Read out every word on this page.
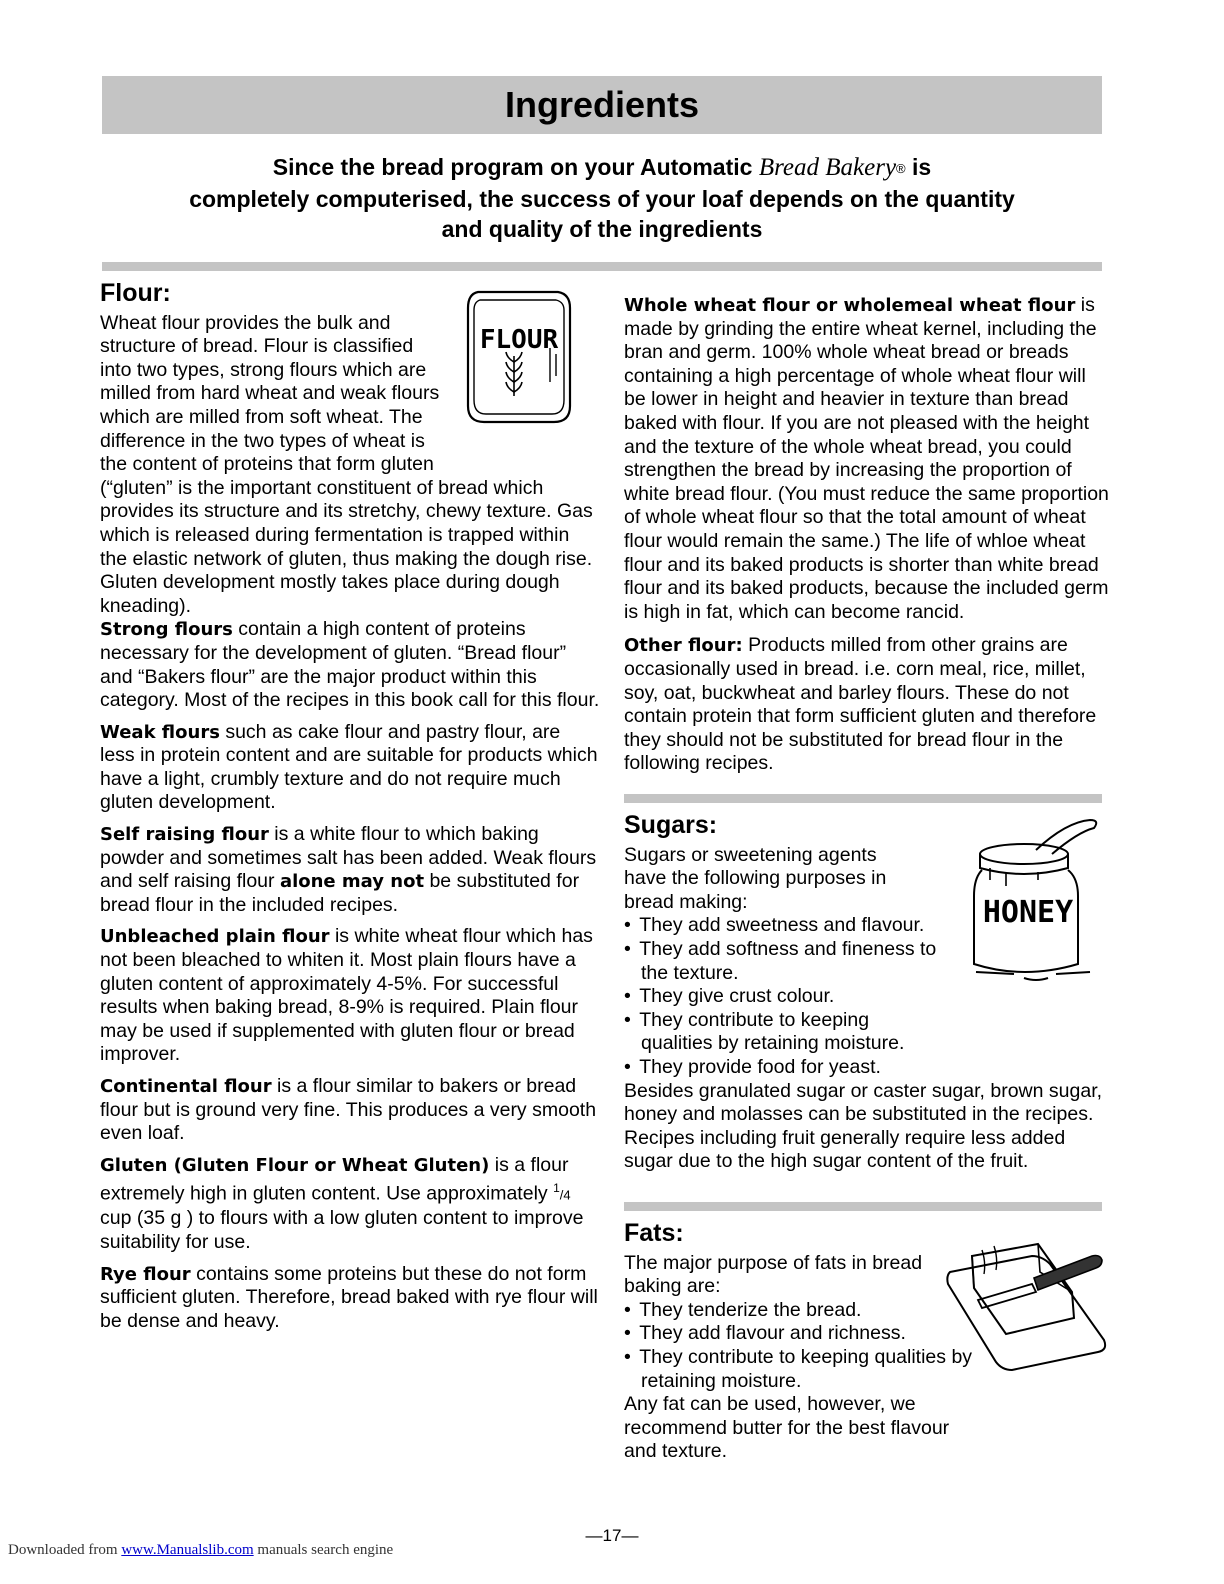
Ingredients
Since the bread program on your Automatic Bread Bakery® is
completely computerised, the success of your loaf depends on the quantity
and quality of the ingredients
FLOUR
Flour:

Wheat flour provides the bulk and structure of bread. Flour is classified into two types, strong flours which are milled from hard wheat and weak flours which are milled from soft wheat. The difference in the two types of wheat is the content of proteins that form gluten (“gluten” is the important constituent of bread which provides its structure and its stretchy, chewy texture. Gas which is released during fermentation is trapped within the elastic network of gluten, thus making the dough rise. Gluten development mostly takes place during dough kneading).

Strong flours contain a high content of proteins necessary for the development of gluten. “Bread flour” and “Bakers flour” are the major product within this category. Most of the recipes in this book call for this flour.

Weak flours such as cake flour and pastry flour, are less in protein content and are suitable for products which have a light, crumbly texture and do not require much gluten development.

Self raising flour is a white flour to which baking powder and sometimes salt has been added. Weak flours and self raising flour alone may not be substituted for bread flour in the included recipes.

Unbleached plain flour is white wheat flour which has not been bleached to whiten it. Most plain flours have a gluten content of approximately 4-5%. For successful results when baking bread, 8-9% is required. Plain flour may be used if supplemented with gluten flour or bread improver.

Continental flour is a flour similar to bakers or bread flour but is ground very fine. This produces a very smooth even loaf.

Gluten (Gluten Flour or Wheat Gluten) is a flour extremely high in gluten content. Use approximately $^1$/4 cup (35 g ) to flours with a low gluten content to improve suitability for use.

Rye flour contains some proteins but these do not form sufficient gluten. Therefore, bread baked with rye flour will be dense and heavy.

Whole wheat flour or wholemeal wheat flour is made by grinding the entire wheat kernel, including the bran and germ. 100% whole wheat bread or breads containing a high percentage of whole wheat flour will be lower in height and heavier in texture than bread baked with flour. If you are not pleased with the height and the texture of the whole wheat bread, you could strengthen the bread by increasing the proportion of white bread flour. (You must reduce the same proportion of whole wheat flour so that the total amount of wheat flour would remain the same.) The life of whloe wheat flour and its baked products is shorter than white bread flour and its baked products, because the included germ is high in fat, which can become rancid.

Other flour: Products milled from other grains are occasionally used in bread. i.e. corn meal, rice, millet, soy, oat, buckwheat and barley flours. These do not contain protein that form sufficient gluten and therefore they should not be substituted for bread flour in the following recipes.

HONEY
Sugars:
Sugars or sweetening agents have the following purposes in bread making:
• They add sweetness and flavour.
• They add softness and fineness to the texture.
• They give crust colour.
• They contribute to keeping qualities by retaining moisture.
• They provide food for yeast.
Besides granulated sugar or caster sugar, brown sugar, honey and molasses can be substituted in the recipes. Recipes including fruit generally require less added sugar due to the high sugar content of the fruit.
Fats:
The major purpose of fats in bread baking are:
• They tenderize the bread.
• They add flavour and richness.
• They contribute to keeping qualities by retaining moisture.
Any fat can be used, however, we recommend butter for the best flavour and texture.
—17—
Downloaded from www.Manualslib.com manuals search engine
